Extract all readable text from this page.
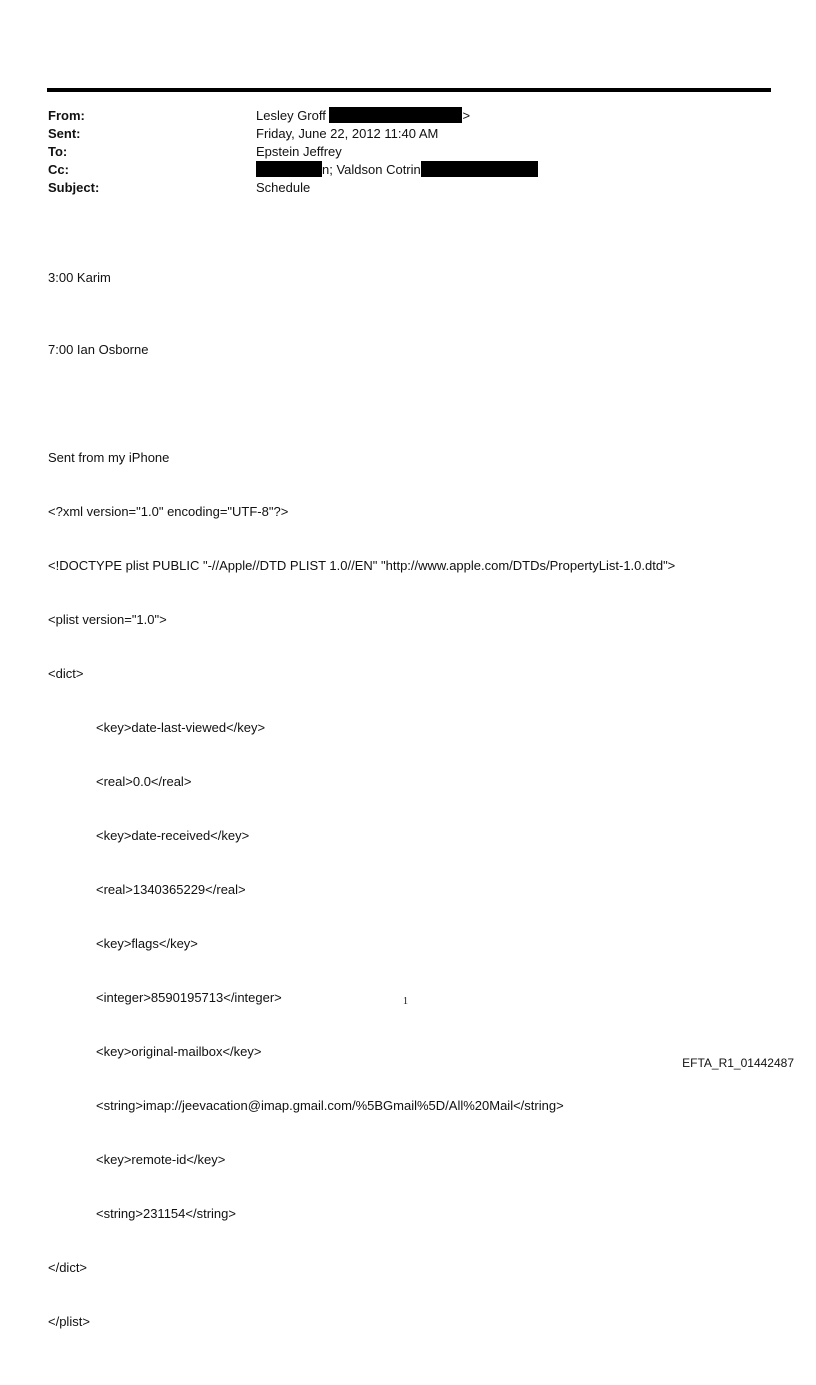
From:	Lesley Groff	>
Sent:	Friday, June 22, 2012 11:40 AM
To:	Epstein Jeffrey
Cc:	n; Valdson Cotrin
Subject:	Schedule

3:00 Karim

7:00 Ian Osborne

Sent from my iPhone

<?xml version="1.0" encoding="UTF-8"?>

<!DOCTYPE plist PUBLIC "-//Apple//DTD PLIST 1.0//EN" "http://www.apple.com/DTDs/PropertyList-1.0.dtd">

<plist version="1.0">

<dict>

<key>date-last-viewed</key>

<real>0.0</real>

<key>date-received</key>

<real>1340365229</real>

<key>flags</key>

<integer>8590195713</integer>

<key>original-mailbox</key>

<string>imap://jeevacation@imap.gmail.com/%5BGmail%5D/All%20Mail</string>

<key>remote-id</key>

<string>231154</string>

</dict>

</plist>

1
EFTA_R1_01442487
